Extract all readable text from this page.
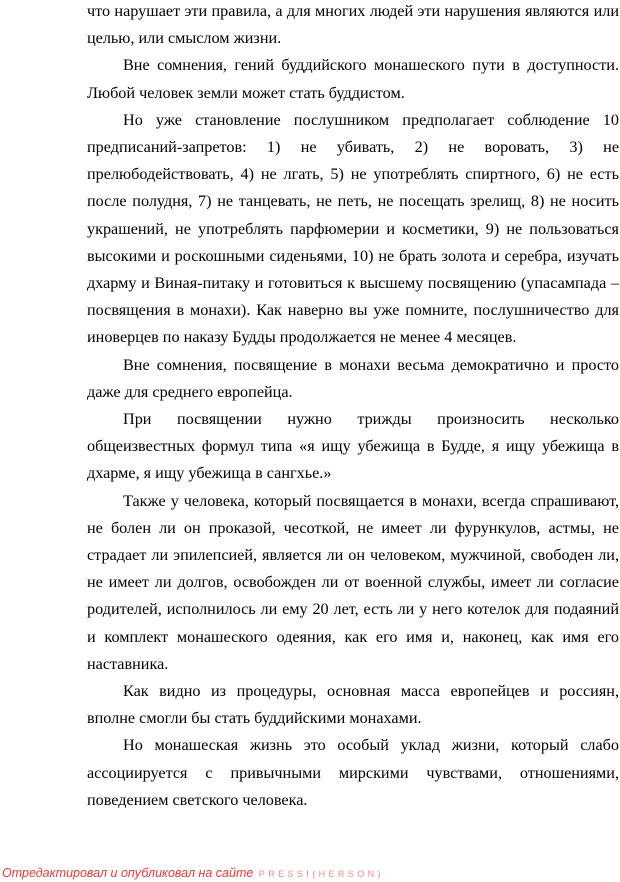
что нарушает эти правила, а для многих людей эти нарушения являются или целью, или смыслом жизни.

Вне сомнения, гений буддийского монашеского пути в доступности. Любой человек земли может стать буддистом.

Но уже становление послушником предполагает соблюдение 10 предписаний-запретов: 1) не убивать, 2) не воровать, 3) не прелюбодействовать, 4) не лгать, 5) не употреблять спиртного, 6) не есть после полудня, 7) не танцевать, не петь, не посещать зрелищ, 8) не носить украшений, не употреблять парфюмерии и косметики, 9) не пользоваться высокими и роскошными сиденьями, 10) не брать золота и серебра, изучать дхарму и Виная-питаку и готовиться к высшему посвящению (упасампада – посвящения в монахи). Как наверно вы уже помните, послушничество для иноверцев по наказу Будды продолжается не менее 4 месяцев.

Вне сомнения, посвящение в монахи весьма демократично и просто даже для среднего европейца.

При посвящении нужно трижды произносить несколько общеизвестных формул типа «я ищу убежища в Будде, я ищу убежища в дхарме, я ищу убежища в сангхье.»

Также у человека, который посвящается в монахи, всегда спрашивают, не болен ли он проказой, чесоткой, не имеет ли фурункулов, астмы, не страдает ли эпилепсией, является ли он человеком, мужчиной, свободен ли, не имеет ли долгов, освобожден ли от военной службы, имеет ли согласие родителей, исполнилось ли ему 20 лет, есть ли у него котелок для подаяний и комплект монашеского одеяния, как его имя и, наконец, как имя его наставника.

Как видно из процедуры, основная масса европейцев и россиян, вполне смогли бы стать буддийскими монахами.

Но монашеская жизнь это особый уклад жизни, который слабо ассоциируется с привычными мирскими чувствами, отношениями, поведением светского человека.

Отредактировал и опубликовал на сайте PRESSI(HERSON)
